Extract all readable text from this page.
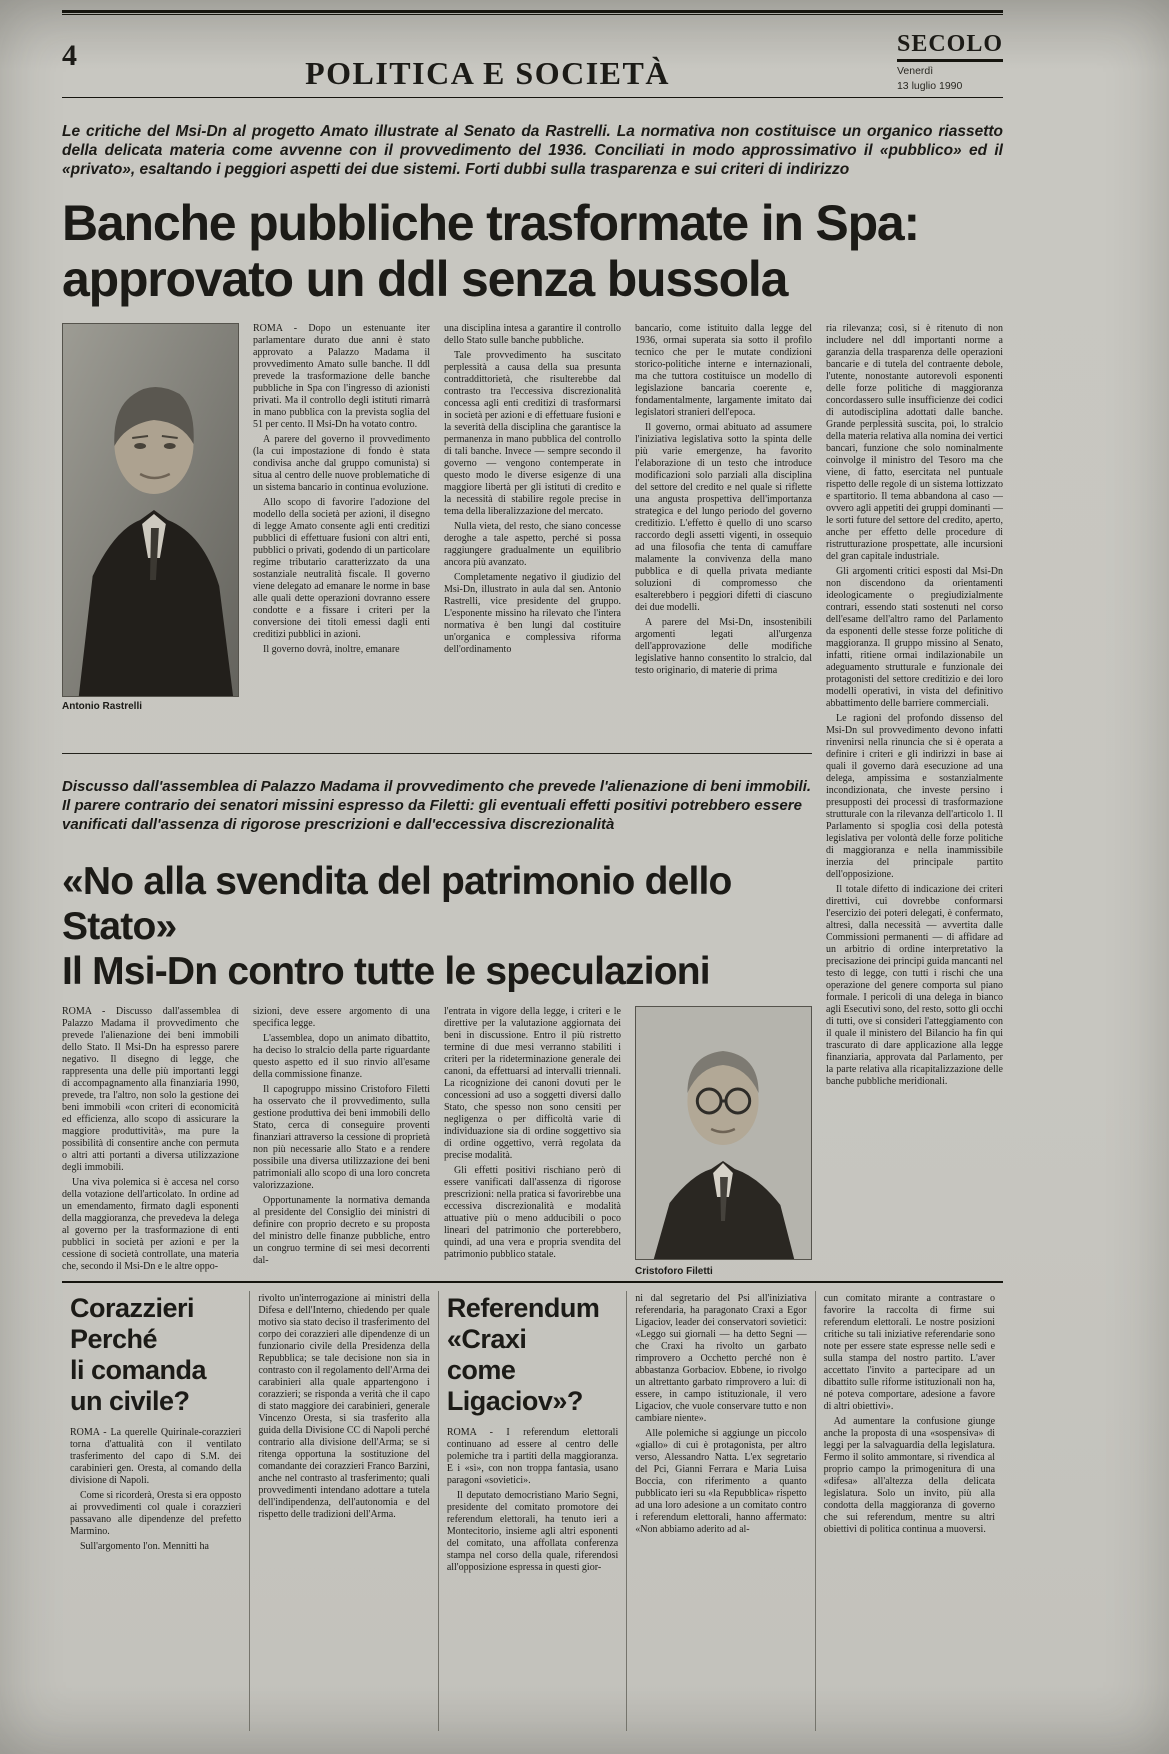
4	POLITICA E SOCIETÀ
SECOLO
Venerdì
13 luglio 1990

Le critiche del Msi-Dn al progetto Amato illustrate al Senato da Rastrelli. La normativa non costituisce un organico riassetto della delicata materia come avvenne con il provvedimento del 1936. Conciliati in modo approssimativo il «pubblico» ed il «privato», esaltando i peggiori aspetti dei due sistemi. Forti dubbi sulla trasparenza e sui criteri di indirizzo

Banche pubbliche trasformate in Spa:
approvato un ddl senza bussola
Antonio Rastrelli

ROMA - Dopo un estenuante iter parlamentare durato due anni è stato approvato a Palazzo Madama il provvedimento Amato sulle banche. Il ddl prevede la trasformazione delle banche pubbliche in Spa con l'ingresso di azionisti privati. Ma il controllo degli istituti rimarrà in mano pubblica con la prevista soglia del 51 per cento. Il Msi-Dn ha votato contro.

A parere del governo il provvedimento (la cui impostazione di fondo è stata condivisa anche dal gruppo comunista) si situa al centro delle nuove problematiche di un sistema bancario in continua evoluzione.

Allo scopo di favorire l'adozione del modello della società per azioni, il disegno di legge Amato consente agli enti creditizi pubblici di effettuare fusioni con altri enti, pubblici o privati, godendo di un particolare regime tributario caratterizzato da una sostanziale neutralità fiscale. Il governo viene delegato ad emanare le norme in base alle quali dette operazioni dovranno essere condotte e a fissare i criteri per la conversione dei titoli emessi dagli enti creditizi pubblici in azioni.

Il governo dovrà, inoltre, emanare

una disciplina intesa a garantire il controllo dello Stato sulle banche pubbliche.

Tale provvedimento ha suscitato perplessità a causa della sua presunta contraddittorietà, che risulterebbe dal contrasto tra l'eccessiva discrezionalità concessa agli enti creditizi di trasformarsi in società per azioni e di effettuare fusioni e la severità della disciplina che garantisce la permanenza in mano pubblica del controllo di tali banche. Invece — sempre secondo il governo — vengono contemperate in questo modo le diverse esigenze di una maggiore libertà per gli istituti di credito e la necessità di stabilire regole precise in tema della liberalizzazione del mercato.

Nulla vieta, del resto, che siano concesse deroghe a tale aspetto, perché si possa raggiungere gradualmente un equilibrio ancora più avanzato.

Completamente negativo il giudizio del Msi-Dn, illustrato in aula dal sen. Antonio Rastrelli, vice presidente del gruppo. L'esponente missino ha rilevato che l'intera normativa è ben lungi dal costituire un'organica e complessiva riforma dell'ordinamento

bancario, come istituito dalla legge del 1936, ormai superata sia sotto il profilo tecnico che per le mutate condizioni storico-politiche interne e internazionali, ma che tuttora costituisce un modello di legislazione bancaria coerente e, fondamentalmente, largamente imitato dai legislatori stranieri dell'epoca.

Il governo, ormai abituato ad assumere l'iniziativa legislativa sotto la spinta delle più varie emergenze, ha favorito l'elaborazione di un testo che introduce modificazioni solo parziali alla disciplina del settore del credito e nel quale si riflette una angusta prospettiva dell'importanza strategica e del lungo periodo del governo creditizio. L'effetto è quello di uno scarso raccordo degli assetti vigenti, in ossequio ad una filosofia che tenta di camuffare malamente la convivenza della mano pubblica e di quella privata mediante soluzioni di compromesso che esalterebbero i peggiori difetti di ciascuno dei due modelli.

A parere del Msi-Dn, insostenibili argomenti legati all'urgenza dell'approvazione delle modifiche legislative hanno consentito lo stralcio, dal testo originario, di materie di prima

Discusso dall'assemblea di Palazzo Madama il provvedimento che prevede l'alienazione di beni immobili. Il parere contrario dei senatori missini espresso da Filetti: gli eventuali effetti positivi potrebbero essere vanificati dall'assenza di rigorose prescrizioni e dall'eccessiva discrezionalità

«No alla svendita del patrimonio dello Stato»
Il Msi-Dn contro tutte le speculazioni

ROMA - Discusso dall'assemblea di Palazzo Madama il provvedimento che prevede l'alienazione dei beni immobili dello Stato. Il Msi-Dn ha espresso parere negativo. Il disegno di legge, che rappresenta una delle più importanti leggi di accompagnamento alla finanziaria 1990, prevede, tra l'altro, non solo la gestione dei beni immobili «con criteri di economicità ed efficienza, allo scopo di assicurare la maggiore produttività», ma pure la possibilità di consentire anche con permuta o altri atti portanti a diversa utilizzazione degli immobili.

Una viva polemica si è accesa nel corso della votazione dell'articolato. In ordine ad un emendamento, firmato dagli esponenti della maggioranza, che prevedeva la delega al governo per la trasformazione di enti pubblici in società per azioni e per la cessione di società controllate, una materia che, secondo il Msi-Dn e le altre oppo-

sizioni, deve essere argomento di una specifica legge.

L'assemblea, dopo un animato dibattito, ha deciso lo stralcio della parte riguardante questo aspetto ed il suo rinvio all'esame della commissione finanze.

Il capogruppo missino Cristoforo Filetti ha osservato che il provvedimento, sulla gestione produttiva dei beni immobili dello Stato, cerca di conseguire proventi finanziari attraverso la cessione di proprietà non più necessarie allo Stato e a rendere possibile una diversa utilizzazione dei beni patrimoniali allo scopo di una loro concreta valorizzazione.

Opportunamente la normativa demanda al presidente del Consiglio dei ministri di definire con proprio decreto e su proposta del ministro delle finanze pubbliche, entro un congruo termine di sei mesi decorrenti dal-

l'entrata in vigore della legge, i criteri e le direttive per la valutazione aggiornata dei beni in discussione. Entro il più ristretto termine di due mesi verranno stabiliti i criteri per la rideterminazione generale dei canoni, da effettuarsi ad intervalli triennali. La ricognizione dei canoni dovuti per le concessioni ad uso a soggetti diversi dallo Stato, che spesso non sono censiti per negligenza o per difficoltà varie di individuazione sia di ordine soggettivo sia di ordine oggettivo, verrà regolata da precise modalità.

Gli effetti positivi rischiano però di essere vanificati dall'assenza di rigorose prescrizioni: nella pratica si favorirebbe una eccessiva discrezionalità e modalità attuative più o meno adducibili o poco lineari del patrimonio che porterebbero, quindi, ad una vera e propria svendita del patrimonio pubblico statale.

Cristoforo Filetti

ria rilevanza; così, si è ritenuto di non includere nel ddl importanti norme a garanzia della trasparenza delle operazioni bancarie e di tutela del contraente debole, l'utente, nonostante autorevoli esponenti delle forze politiche di maggioranza concordassero sulle insufficienze dei codici di autodisciplina adottati dalle banche. Grande perplessità suscita, poi, lo stralcio della materia relativa alla nomina dei vertici bancari, funzione che solo nominalmente coinvolge il ministro del Tesoro ma che viene, di fatto, esercitata nel puntuale rispetto delle regole di un sistema lottizzato e spartitorio. Il tema abbandona al caso — ovvero agli appetiti dei gruppi dominanti — le sorti future del settore del credito, aperto, anche per effetto delle procedure di ristrutturazione prospettate, alle incursioni del gran capitale industriale.

Gli argomenti critici esposti dal Msi-Dn non discendono da orientamenti ideologicamente o pregiudizialmente contrari, essendo stati sostenuti nel corso dell'esame dell'altro ramo del Parlamento da esponenti delle stesse forze politiche di maggioranza. Il gruppo missino al Senato, infatti, ritiene ormai indilazionabile un adeguamento strutturale e funzionale dei protagonisti del settore creditizio e dei loro modelli operativi, in vista del definitivo abbattimento delle barriere commerciali.

Le ragioni del profondo dissenso del Msi-Dn sul provvedimento devono infatti rinvenirsi nella rinuncia che si è operata a definire i criteri e gli indirizzi in base ai quali il governo darà esecuzione ad una delega, ampissima e sostanzialmente incondizionata, che investe persino i presupposti dei processi di trasformazione strutturale con la rilevanza dell'articolo 1. Il Parlamento si spoglia così della potestà legislativa per volontà delle forze politiche di maggioranza e nella inammissibile inerzia del principale partito dell'opposizione.

Il totale difetto di indicazione dei criteri direttivi, cui dovrebbe conformarsi l'esercizio dei poteri delegati, è confermato, altresì, dalla necessità — avvertita dalle Commissioni permanenti — di affidare ad un arbitrio di ordine interpretativo la precisazione dei principi guida mancanti nel testo di legge, con tutti i rischi che una operazione del genere comporta sul piano formale. I pericoli di una delega in bianco agli Esecutivi sono, del resto, sotto gli occhi di tutti, ove si consideri l'atteggiamento con il quale il ministero del Bilancio ha fin qui trascurato di dare applicazione alla legge finanziaria, approvata dal Parlamento, per la parte relativa alla ricapitalizzazione delle banche pubbliche meridionali.

Corazzieri
Perché
li comanda
un civile?

ROMA - La querelle Quirinale-corazzieri torna d'attualità con il ventilato trasferimento del capo di S.M. dei carabinieri gen. Oresta, al comando della divisione di Napoli.

Come si ricorderà, Oresta si era opposto ai provvedimenti col quale i corazzieri passavano alle dipendenze del prefetto Marmino.

Sull'argomento l'on. Mennitti ha

rivolto un'interrogazione ai ministri della Difesa e dell'Interno, chiedendo per quale motivo sia stato deciso il trasferimento del corpo dei corazzieri alle dipendenze di un funzionario civile della Presidenza della Repubblica; se tale decisione non sia in contrasto con il regolamento dell'Arma dei carabinieri alla quale appartengono i corazzieri; se risponda a verità che il capo di stato maggiore dei carabinieri, generale Vincenzo Oresta, si sia trasferito alla guida della Divisione CC di Napoli perché contrario alla divisione dell'Arma; se si ritenga opportuna la sostituzione del comandante dei corazzieri Franco Barzini, anche nel contrasto al trasferimento; quali provvedimenti intendano adottare a tutela dell'indipendenza, dell'autonomia e del rispetto delle tradizioni dell'Arma.

Referendum
«Craxi
come
Ligaciov»?

ROMA - I referendum elettorali continuano ad essere al centro delle polemiche tra i partiti della maggioranza. E i «sì», con non troppa fantasia, usano paragoni «sovietici».

Il deputato democristiano Mario Segni, presidente del comitato promotore dei referendum elettorali, ha tenuto ieri a Montecitorio, insieme agli altri esponenti del comitato, una affollata conferenza stampa nel corso della quale, riferendosi all'opposizione espressa in questi gior-

ni dal segretario del Psi all'iniziativa referendaria, ha paragonato Craxi a Egor Ligaciov, leader dei conservatori sovietici: «Leggo sui giornali — ha detto Segni — che Craxi ha rivolto un garbato rimprovero a Occhetto perché non è abbastanza Gorbaciov. Ebbene, io rivolgo un altrettanto garbato rimprovero a lui: di essere, in campo istituzionale, il vero Ligaciov, che vuole conservare tutto e non cambiare niente».

Alle polemiche si aggiunge un piccolo «giallo» di cui è protagonista, per altro verso, Alessandro Natta. L'ex segretario del Pci, Gianni Ferrara e Maria Luisa Boccia, con riferimento a quanto pubblicato ieri su «la Repubblica» rispetto ad una loro adesione a un comitato contro i referendum elettorali, hanno affermato: «Non abbiamo aderito ad al-

cun comitato mirante a contrastare o favorire la raccolta di firme sui referendum elettorali. Le nostre posizioni critiche su tali iniziative referendarie sono note per essere state espresse nelle sedi e sulla stampa del nostro partito. L'aver accettato l'invito a partecipare ad un dibattito sulle riforme istituzionali non ha, né poteva comportare, adesione a favore di altri obiettivi».

Ad aumentare la confusione giunge anche la proposta di una «sospensiva» di leggi per la salvaguardia della legislatura. Fermo il solito ammontare, si rivendica al proprio campo la primogenitura di una «difesa» all'altezza della delicata legislatura. Solo un invito, più alla condotta della maggioranza di governo che sui referendum, mentre su altri obiettivi di politica continua a muoversi.
